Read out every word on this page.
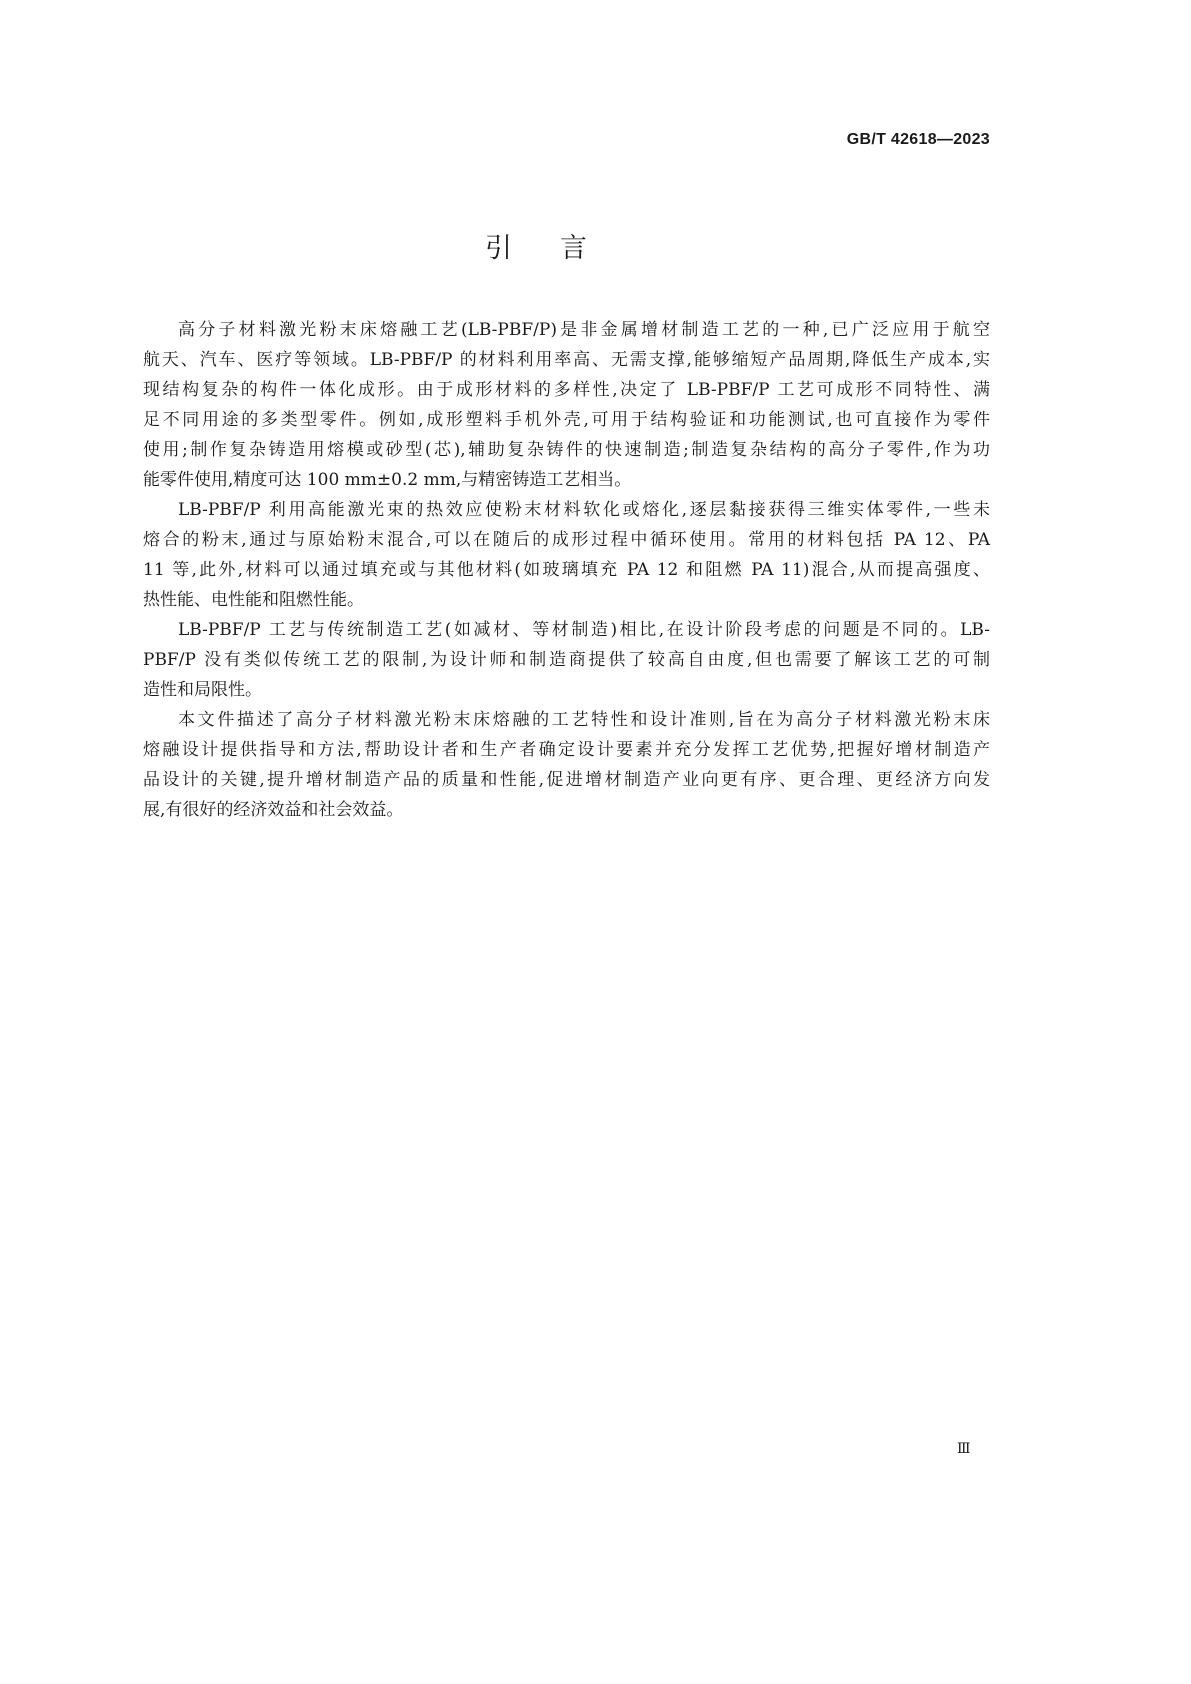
GB/T 42618—2023
引言
高分子材料激光粉末床熔融工艺(LB-PBF/P)是非金属增材制造工艺的一种,已广泛应用于航空
航天、汽车、医疗等领域。LB-PBF/P 的材料利用率高、无需支撑,能够缩短产品周期,降低生产成本,实
现结构复杂的构件一体化成形。由于成形材料的多样性,决定了 LB-PBF/P 工艺可成形不同特性、满
足不同用途的多类型零件。例如,成形塑料手机外壳,可用于结构验证和功能测试,也可直接作为零件
使用;制作复杂铸造用熔模或砂型(芯),辅助复杂铸件的快速制造;制造复杂结构的高分子零件,作为功
能零件使用,精度可达 100 mm±0.2 mm,与精密铸造工艺相当。
LB-PBF/P 利用高能激光束的热效应使粉末材料软化或熔化,逐层黏接获得三维实体零件,一些未
熔合的粉末,通过与原始粉末混合,可以在随后的成形过程中循环使用。常用的材料包括 PA 12、PA
11 等,此外,材料可以通过填充或与其他材料(如玻璃填充 PA 12 和阻燃 PA 11)混合,从而提高强度、
热性能、电性能和阻燃性能。
LB-PBF/P 工艺与传统制造工艺(如减材、等材制造)相比,在设计阶段考虑的问题是不同的。LB-
PBF/P 没有类似传统工艺的限制,为设计师和制造商提供了较高自由度,但也需要了解该工艺的可制
造性和局限性。
本文件描述了高分子材料激光粉末床熔融的工艺特性和设计准则,旨在为高分子材料激光粉末床
熔融设计提供指导和方法,帮助设计者和生产者确定设计要素并充分发挥工艺优势,把握好增材制造产
品设计的关键,提升增材制造产品的质量和性能,促进增材制造产业向更有序、更合理、更经济方向发
展,有很好的经济效益和社会效益。
Ⅲ
